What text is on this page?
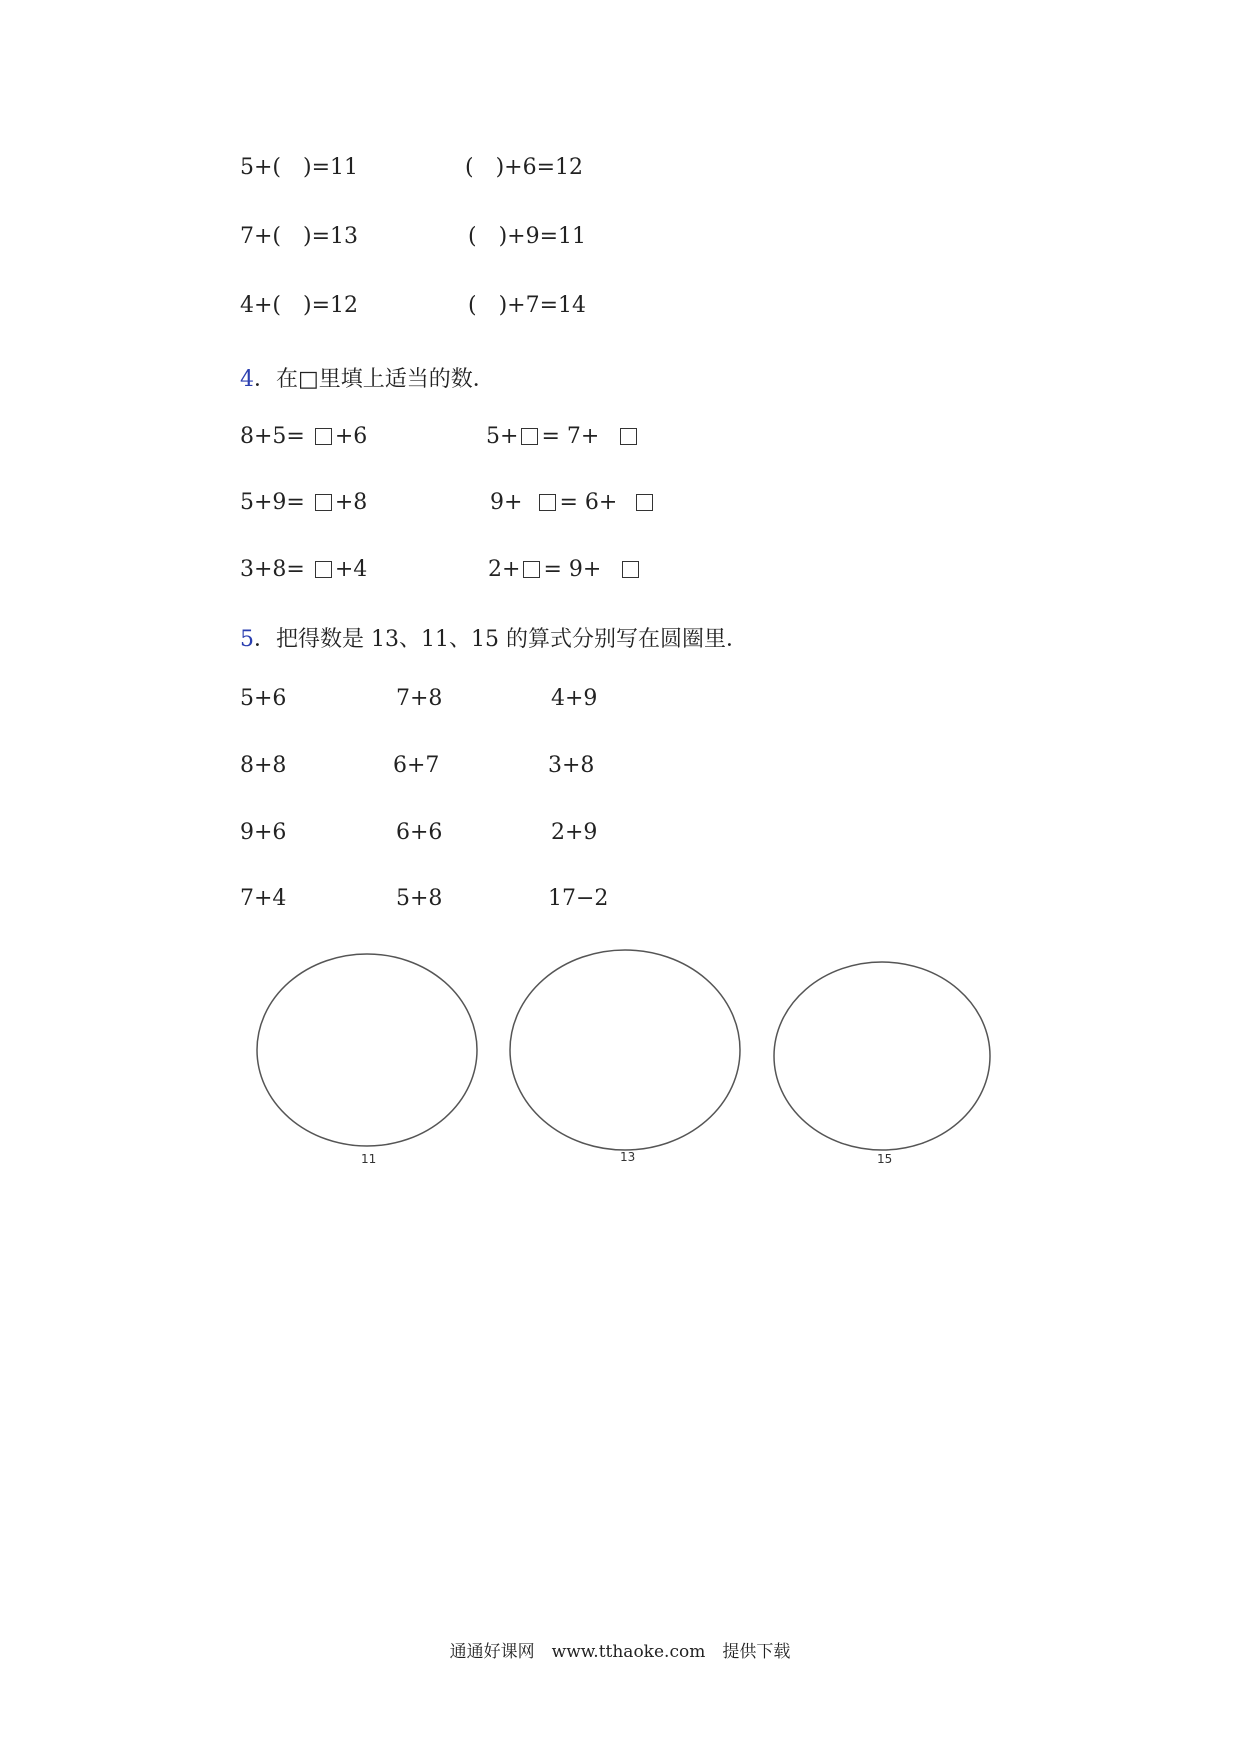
5+(　)=11	(　)+6=12
7+(　)=13	(　)+9=11
4+(　)=12	(　)+7=14
4．在□里填上适当的数．
8+5= +6	5+ = 7+
5+9= +8	9+ = 6+
3+8= +4	2+ = 9+
5．把得数是 13、11、15 的算式分别写在圆圈里．
5+6	7+8	4+9
8+8	6+7	3+8
9+6	6+6	2+9
7+4	5+8	17−2
11	13	15
通通好课网　www.tthaoke.com　提供下载
